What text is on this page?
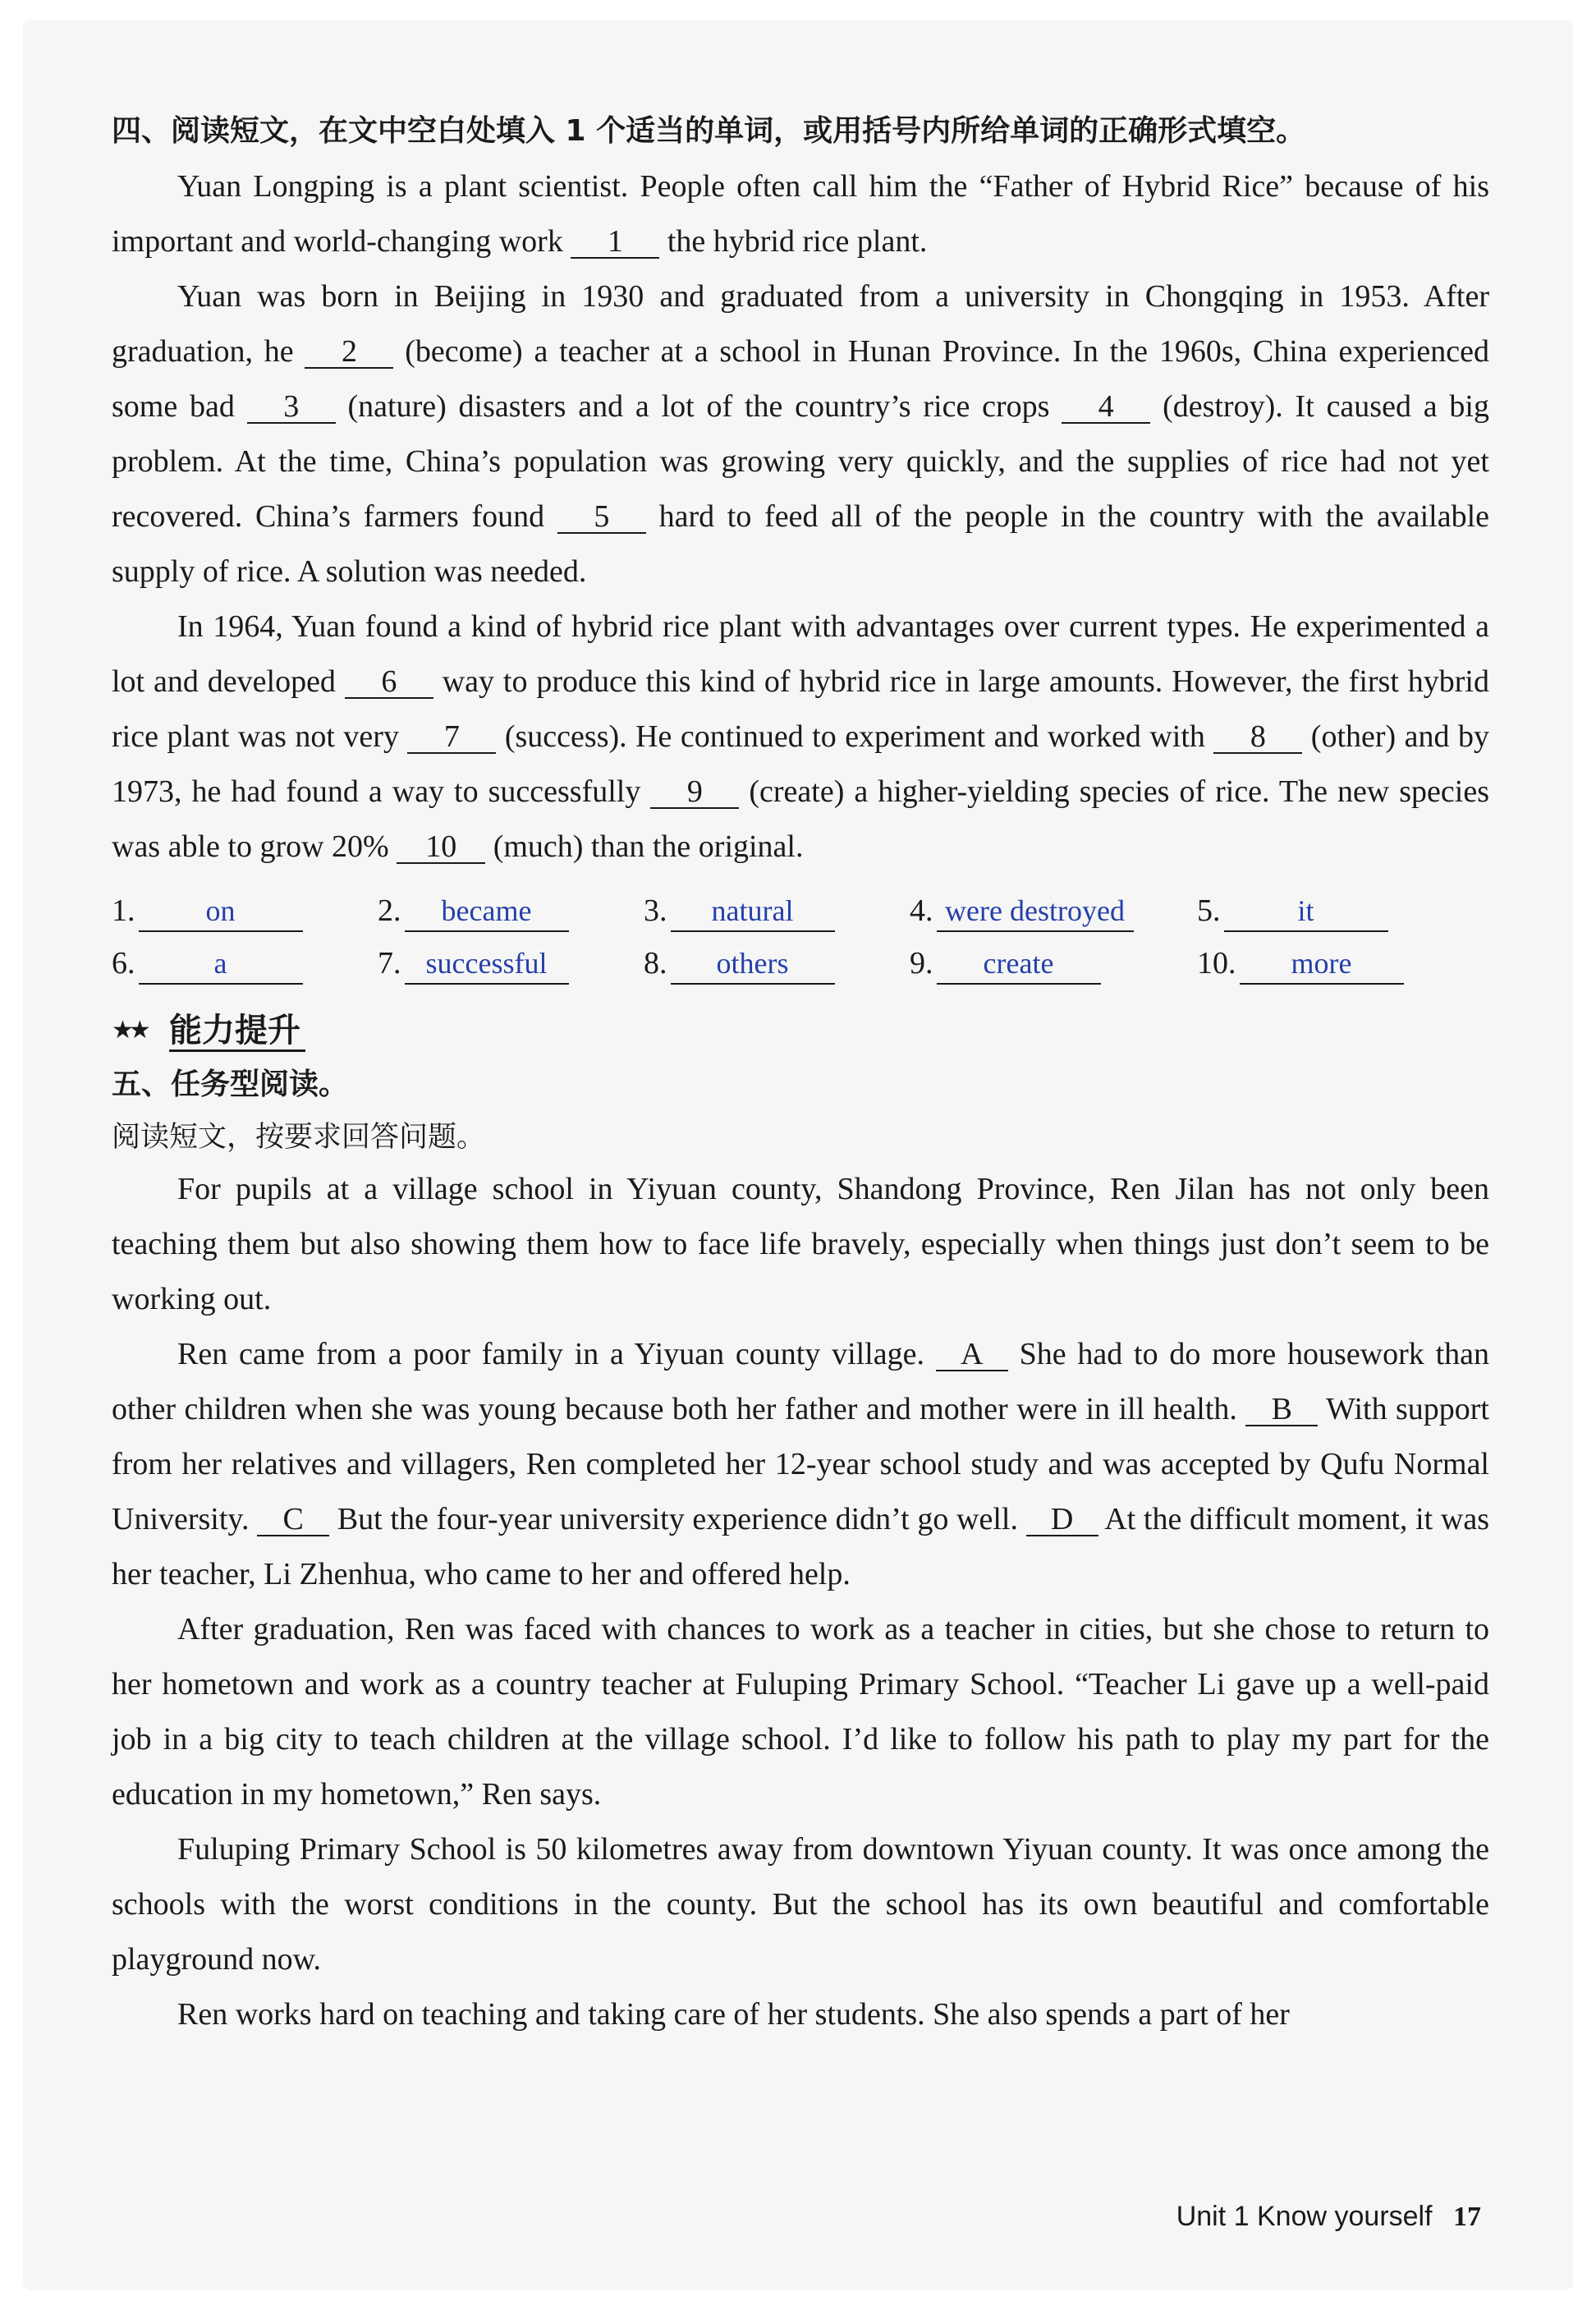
四、阅读短文，在文中空白处填入 1 个适当的单词，或用括号内所给单词的正确形式填空。

Yuan Longping is a plant scientist. People often call him the “Father of Hybrid Rice” because of his important and world-changing work 1 the hybrid rice plant.

Yuan was born in Beijing in 1930 and graduated from a university in Chongqing in 1953. After graduation, he 2 (become) a teacher at a school in Hunan Province. In the 1960s, China experienced some bad 3 (nature) disasters and a lot of the country’s rice crops 4 (destroy). It caused a big problem. At the time, China’s population was growing very quickly, and the supplies of rice had not yet recovered. China’s farmers found 5 hard to feed all of the people in the country with the available supply of rice. A solution was needed.

In 1964, Yuan found a kind of hybrid rice plant with advantages over current types. He experimented a lot and developed 6 way to produce this kind of hybrid rice in large amounts. However, the first hybrid rice plant was not very 7 (success). He continued to experiment and worked with 8 (other) and by 1973, he had found a way to successfully 9 (create) a higher-yielding species of rice. The new species was able to grow 20% 10 (much) than the original.

1.	on	2.	became	3.	natural	4. were destroyed 5.	it
6.	a	7. successful	8.	others	9.	create	10.	more
★★ 能力提升
五、任务型阅读。
阅读短文，按要求回答问题。

For pupils at a village school in Yiyuan county, Shandong Province, Ren Jilan has not only been teaching them but also showing them how to face life bravely, especially when things just don’t seem to be working out.

Ren came from a poor family in a Yiyuan county village. A She had to do more housework than other children when she was young because both her father and mother were in ill health. B With support from her relatives and villagers, Ren completed her 12-year school study and was accepted by Qufu Normal University. C But the four-year university experience didn’t go well. D At the difficult moment, it was her teacher, Li Zhenhua, who came to her and offered help.

After graduation, Ren was faced with chances to work as a teacher in cities, but she chose to return to her hometown and work as a country teacher at Fuluping Primary School. “Teacher Li gave up a well-paid job in a big city to teach children at the village school. I’d like to follow his path to play my part for the education in my hometown,” Ren says.

Fuluping Primary School is 50 kilometres away from downtown Yiyuan county. It was once among the schools with the worst conditions in the county. But the school has its own beautiful and comfortable playground now.

Ren works hard on teaching and taking care of her students. She also spends a part of her

Unit 1 Know yourself 17
